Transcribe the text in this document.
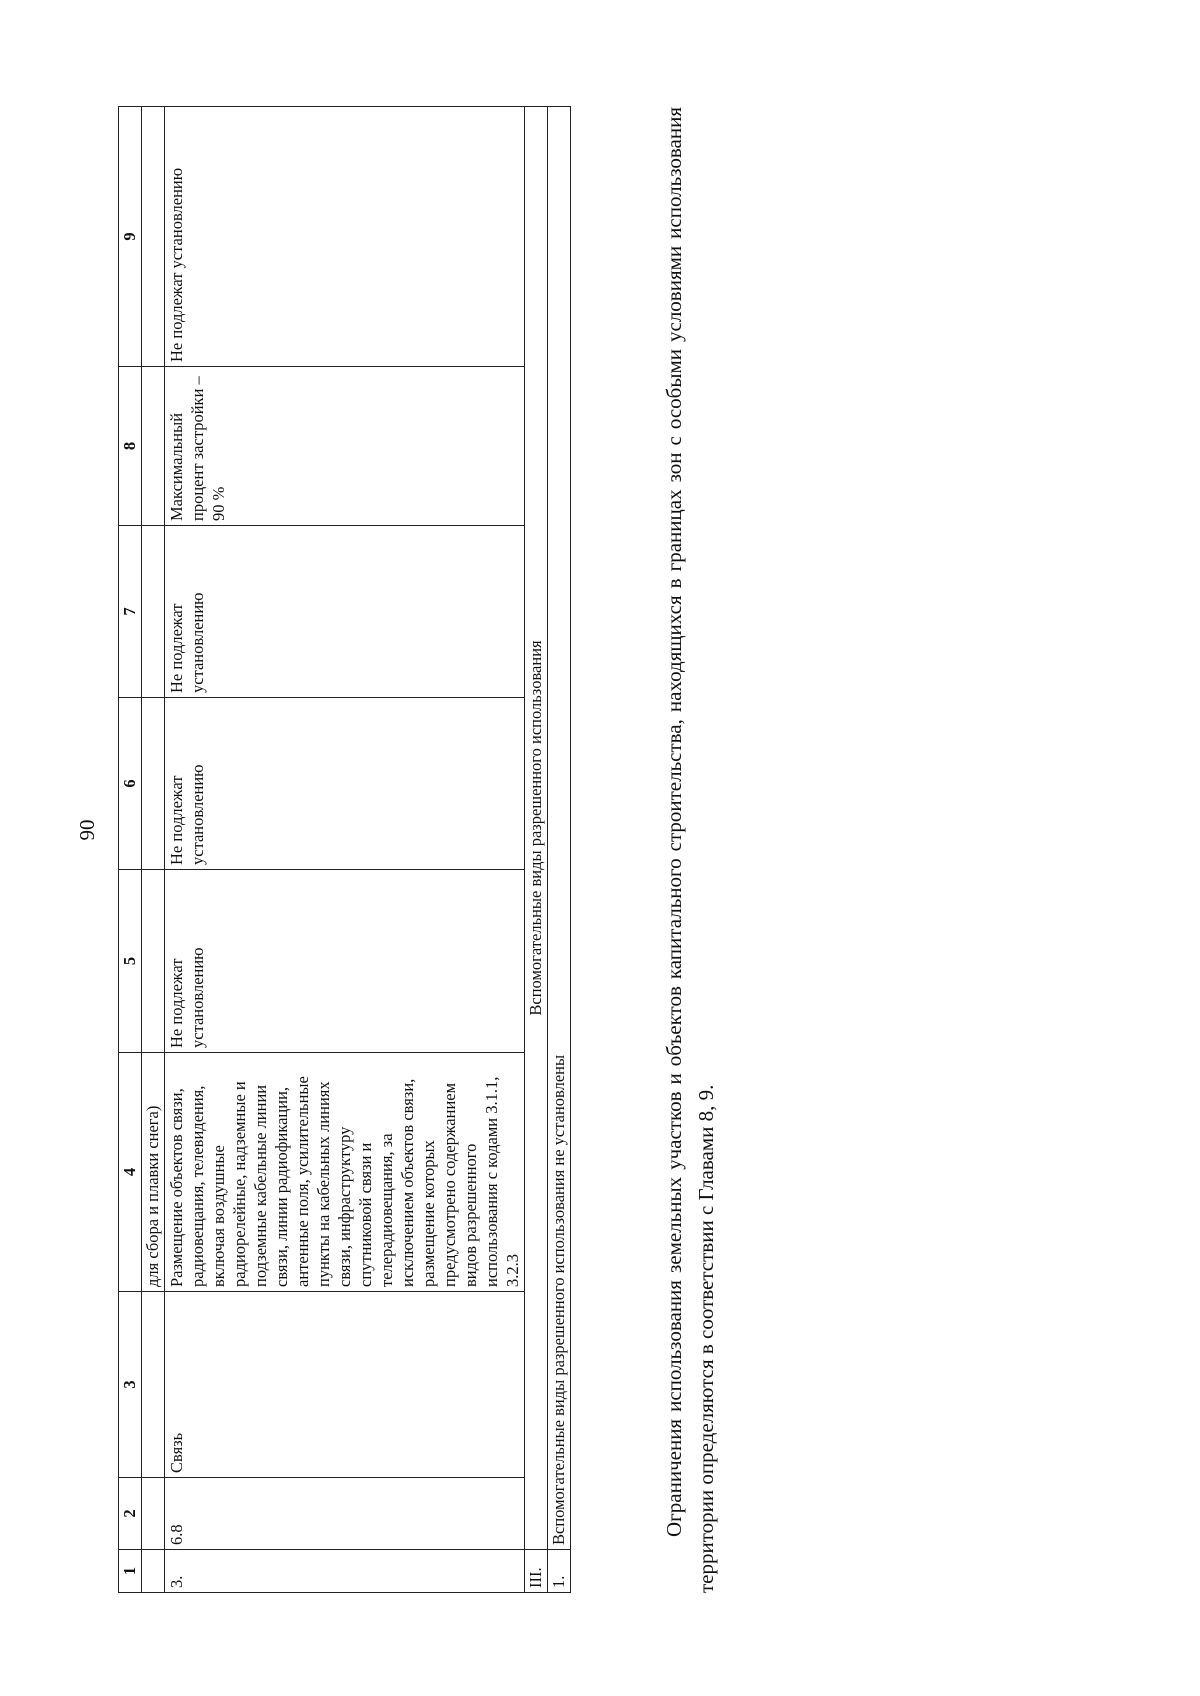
90
1	2	3	4	5	6	7	8	9
			для сбора и плавки снега)					
3.	6.8	Связь	Размещение объектов связи, радиовещания, телевидения, включая воздушные радиорелейные, надземные и подземные кабельные линии связи, линии радиофикации, антенные поля, усилительные пункты на кабельных линиях связи, инфраструктуру спутниковой связи и телерадиовещания, за исключением объектов связи, размещение которых предусмотрено содержанием видов разрешенного использования с кодами 3.1.1, 3.2.3	Не подлежат установлению	Не подлежат установлению	Не подлежат установлению	Максимальный процент застройки – 90 %	Не подлежат установлению
III.	Вспомогательные виды разрешенного использования							
1.	Вспомогательные виды разрешенного использования не установлены								Ограничения использования земельных участков и объектов капитального строительства, находящихся в границах зон с особыми условиями использования территории определяются в соответствии с Главами 8, 9.
